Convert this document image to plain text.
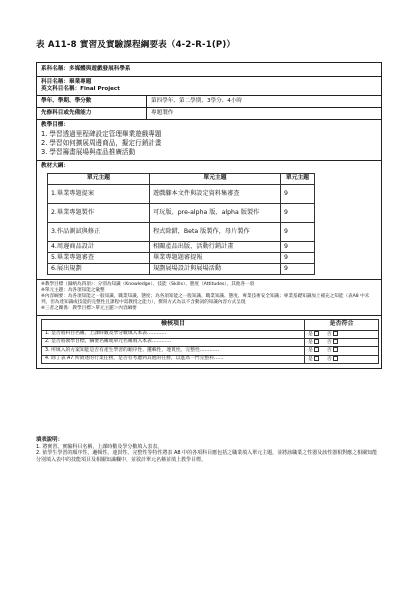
表 A11-8 實習及實驗課程綱要表（4-2-R-1(P)）
系科名稱：多媒體與遊戲發展科學系
科目名稱：畢業專題
英文科目名稱：Final Project
學年、學期、學分數	第四學年、第二學期、3學分、4小時
先修科目或先備能力	專題製作
教學目標：
1. 學習透過里程碑設定管理畢業遊戲專題
2. 學習如何擴展周邊商品，擬定行銷計畫
3. 學習籌畫展場與產品推廣活動
教材大綱：
單元主題	單元主題	單元主題
1.畢業專題提案	遊戲腳本文件與設定資料集審查	9
2.畢業專題製作	可玩版、pre-alpha 版、alpha 版製作	9
3.作品測試與修正	程式除錯，Beta 版製作，母片製作	9
4.周邊商品設計	相關產品出版、活動行銷計畫	9
5.畢業專題審查	畢業專題題審提報	9
6.展出規劃	規劃展場設計與展場活動	9
※教學目標（歸納為四項）：分別為知識（Knowledge）、技能（Skills）、態度（Attitudes）、其他各一項
※單元主題：為各項知能之彙整
※內容綱要：為各項知能之一般知識、職業知識、態度；為各項知能之一般知識、職業知識、態度、專業技術安全知識；專業基礎知識加上補充之知能（表A8 中未列，但為達知識或技能的完整性且課程中需教授之能力），撰寫方式為以不含動詞的知識內容方式呈現
※三者之關係：教學目標＞單元主題＞內容綱要
檢核項目	是否符合
1. 是否將科目名稱、上課時數及學分數填入本表…………	是 否
2. 是否將教學目標，綱要名稱或單元名稱填入本表…………	是 否
3. 所填入的方案知能是否有產生學習的順序性、邏輯性、連貫性、完整性…………	是 否
4. 除了表 A7 所敘述的行業任務，是否有考慮到其他的任務，以進為一門完整科……	是 否
填表說明：
1. 將實習、實驗科目名稱，上課時數及學分數填入表表。
2. 依學生學習的順序性，邏輯性、連貫性、完整性等特性將表 A8 中的各項科目應包括之職業填入單元主題，並將該職業之性器及該性器相對應之相關知能分別填入表中的技能項目及相關知識欄中，並敘計單元名稱並填上教學目標。
